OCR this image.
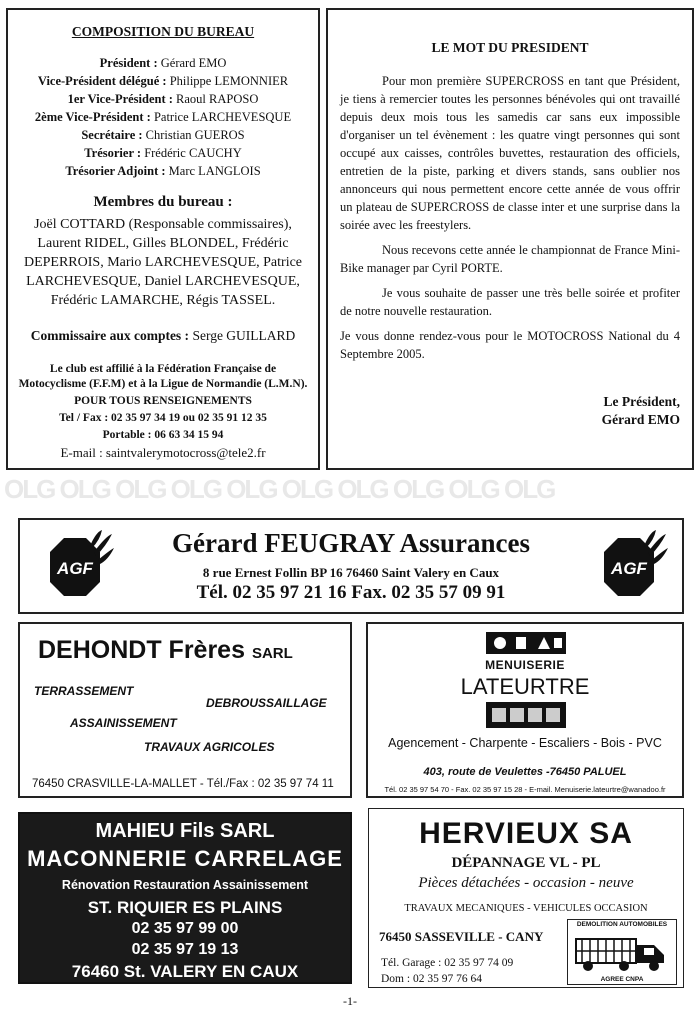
COMPOSITION DU BUREAU
Président : Gérard EMO
Vice-Président délégué : Philippe LEMONNIER
1er Vice-Président : Raoul RAPOSO
2ème Vice-Président : Patrice LARCHEVESQUE
Secrétaire : Christian GUEROS
Trésorier : Frédéric CAUCHY
Trésorier Adjoint : Marc LANGLOIS
Membres du bureau :
Joël COTTARD (Responsable commissaires), Laurent RIDEL, Gilles BLONDEL, Frédéric DEPERROIS, Mario LARCHEVESQUE, Patrice LARCHEVESQUE, Daniel LARCHEVESQUE, Frédéric LAMARCHE, Régis TASSEL.
Commissaire aux comptes : Serge GUILLARD
Le club est affilié à la Fédération Française de Motocyclisme (F.F.M) et à la Ligue de Normandie (L.M.N).
POUR TOUS RENSEIGNEMENTS
Tel / Fax : 02 35 97 34 19 ou 02 35 91 12 35
Portable : 06 63 34 15 94
E-mail : saintvalerymotocross@tele2.fr
LE MOT DU PRESIDENT

Pour mon première SUPERCROSS en tant que Président, je tiens à remercier toutes les personnes bénévoles qui ont travaillé depuis deux mois tous les samedis car sans eux impossible d'organiser un tel évènement : les quatre vingt personnes qui sont occupé aux caisses, contrôles buvettes, restauration des officiels, entretien de la piste, parking et divers stands, sans oublier nos annonceurs qui nous permettent encore cette année de vous offrir un plateau de SUPERCROSS de classe inter et une surprise dans la soirée avec les freestylers.

Nous recevons cette année le championnat de France Mini-Bike manager par Cyril PORTE.

Je vous souhaite de passer une très belle soirée et profiter de notre nouvelle restauration.

Je vous donne rendez-vous pour le MOTOCROSS National du 4 Septembre 2005.

Le Président,
Gérard EMO
OLG OLG OLG OLG OLG OLG OLG OLG OLG OLG
AGF
Gérard FEUGRAY Assurances
8 rue Ernest Follin BP 16 76460 Saint Valery en Caux
Tél. 02 35 97 21 16 Fax. 02 35 57 09 91
AGF
DEHONDT Frères SARL
TERRASSEMENT
DEBROUSSAILLAGE
ASSAINISSEMENT
TRAVAUX AGRICOLES
76450 CRASVILLE-LA-MALLET - Tél./Fax : 02 35 97 74 11
MENUISERIE
LATEURTRE
Agencement - Charpente - Escaliers - Bois - PVC
403, route de Veulettes -76450 PALUEL
Tél. 02 35 97 54 70 - Fax. 02 35 97 15 28 - E-mail. Menuiserie.lateurtre@wanadoo.fr
MAHIEU Fils SARL
MACONNERIE CARRELAGE
Rénovation Restauration Assainissement
ST. RIQUIER ES PLAINS
02 35 97 99 00
02 35 97 19 13
76460 St. VALERY EN CAUX
HERVIEUX SA
DÉPANNAGE VL - PL
Pièces détachées - occasion - neuve
TRAVAUX MECANIQUES - VEHICULES OCCASION
76450 SASSEVILLE - CANY
Tél. Garage : 02 35 97 74 09
Dom : 02 35 97 76 64
DEMOLITION AUTOMOBILES
AGREE CNPA
-1-
